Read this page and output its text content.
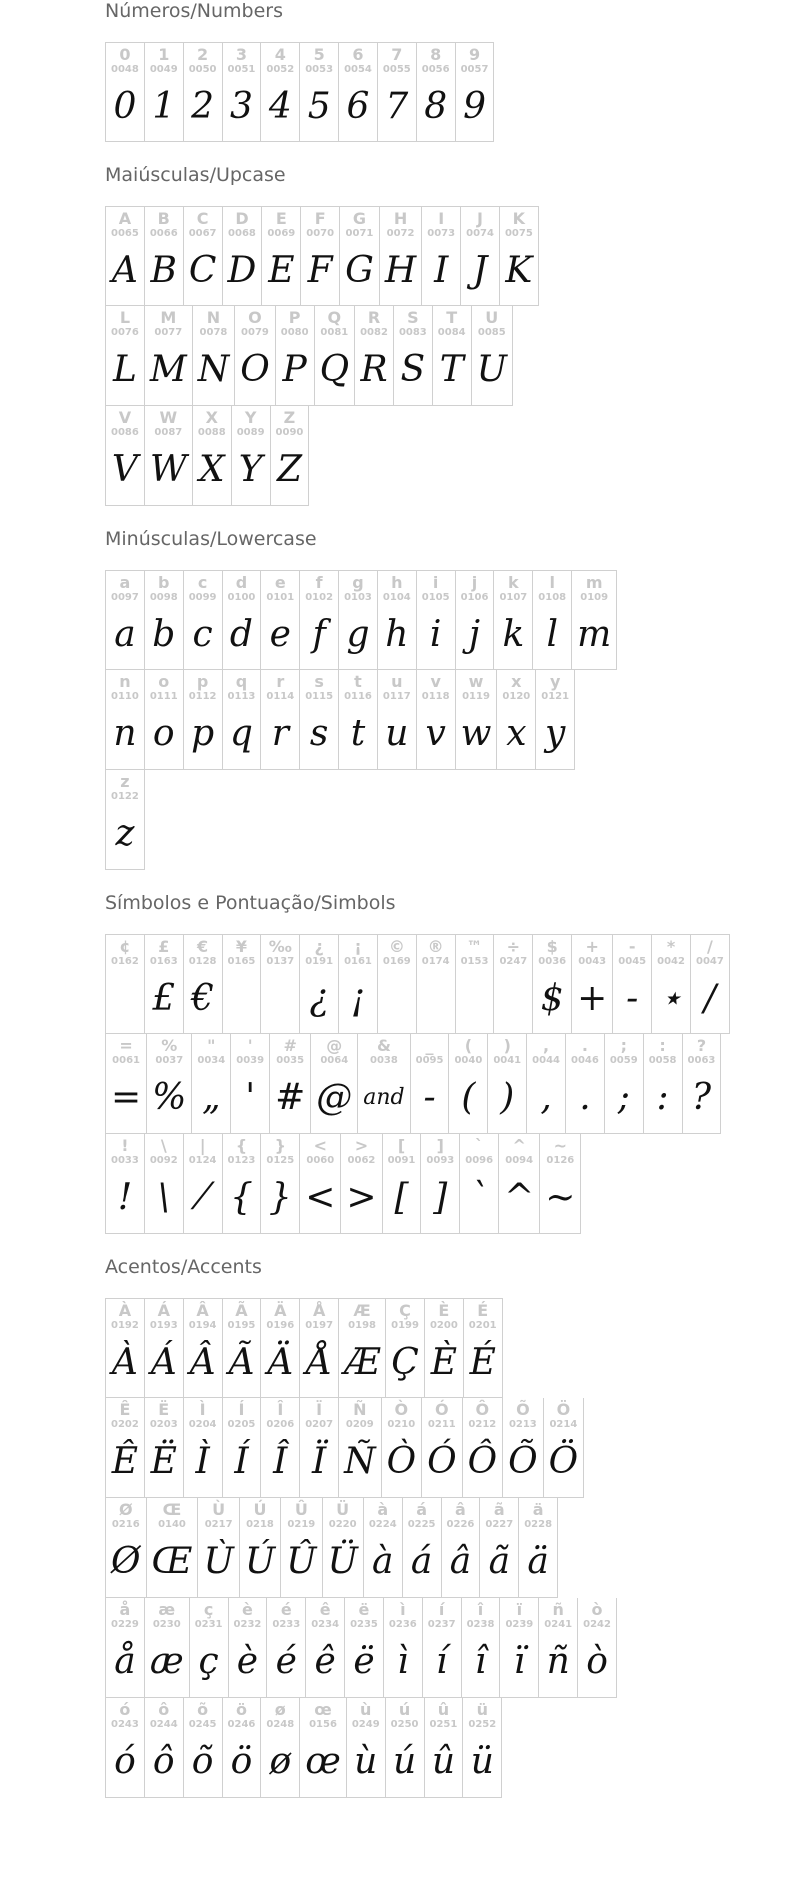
Números/Numbers
0
0048
0
1
0049
1
2
0050
2
3
0051
3
4
0052
4
5
0053
5
6
0054
6
7
0055
7
8
0056
8
9
0057
9
Maiúsculas/Upcase
A
0065
A
B
0066
B
C
0067
C
D
0068
D
E
0069
E
F
0070
F
G
0071
G
H
0072
H
I
0073
I
J
0074
J
K
0075
K
L
0076
L
M
0077
M
N
0078
N
O
0079
O
P
0080
P
Q
0081
Q
R
0082
R
S
0083
S
T
0084
T
U
0085
U
V
0086
V
W
0087
W
X
0088
X
Y
0089
Y
Z
0090
Z
Minúsculas/Lowercase
a
0097
a
b
0098
b
c
0099
c
d
0100
d
e
0101
e
f
0102
f
g
0103
g
h
0104
h
i
0105
i
j
0106
j
k
0107
k
l
0108
l
m
0109
m
n
0110
n
o
0111
o
p
0112
p
q
0113
q
r
0114
r
s
0115
s
t
0116
t
u
0117
u
v
0118
v
w
0119
w
x
0120
x
y
0121
y
z
0122
z
Símbolos e Pontuação/Simbols
¢
0162
£
0163
£
€
0128
€
¥
0165
‰
0137
¿
0191
¿
¡
0161
¡
©
0169
®
0174
™
0153
÷
0247
$
0036
$
+
0043
+
-
0045
-
*
0042
⋆
/
0047
/
=
0061
=
%
0037
%
"
0034
„
'
0039
'
#
0035
#
@
0064
@
&
0038
and
_
0095
-
(
0040
(
)
0041
)
,
0044
,
.
0046
.
;
0059
;
:
0058
:
?
0063
?
!
0033
!
\
0092
\
|
0124
⁄
{
0123
{
}
0125
}
<
0060
<
>
0062
>
[
0091
[
]
0093
]
`
0096
`
^
0094
^
~
0126
~
Acentos/Accents
À
0192
À
Á
0193
Á
Â
0194
Â
Ã
0195
Ã
Ä
0196
Ä
Å
0197
Å
Æ
0198
Æ
Ç
0199
Ç
È
0200
È
É
0201
É
Ê
0202
Ê
Ë
0203
Ë
Ì
0204
Ì
Í
0205
Í
Î
0206
Î
Ï
0207
Ï
Ñ
0209
Ñ
Ò
0210
Ò
Ó
0211
Ó
Ô
0212
Ô
Õ
0213
Õ
Ö
0214
Ö
Ø
0216
Ø
Œ
0140
Œ
Ù
0217
Ù
Ú
0218
Ú
Û
0219
Û
Ü
0220
Ü
à
0224
à
á
0225
á
â
0226
â
ã
0227
ã
ä
0228
ä
å
0229
å
æ
0230
æ
ç
0231
ç
è
0232
è
é
0233
é
ê
0234
ê
ë
0235
ë
ì
0236
ì
í
0237
í
î
0238
î
ï
0239
ï
ñ
0241
ñ
ò
0242
ò
ó
0243
ó
ô
0244
ô
õ
0245
õ
ö
0246
ö
ø
0248
ø
œ
0156
œ
ù
0249
ù
ú
0250
ú
û
0251
û
ü
0252
ü
